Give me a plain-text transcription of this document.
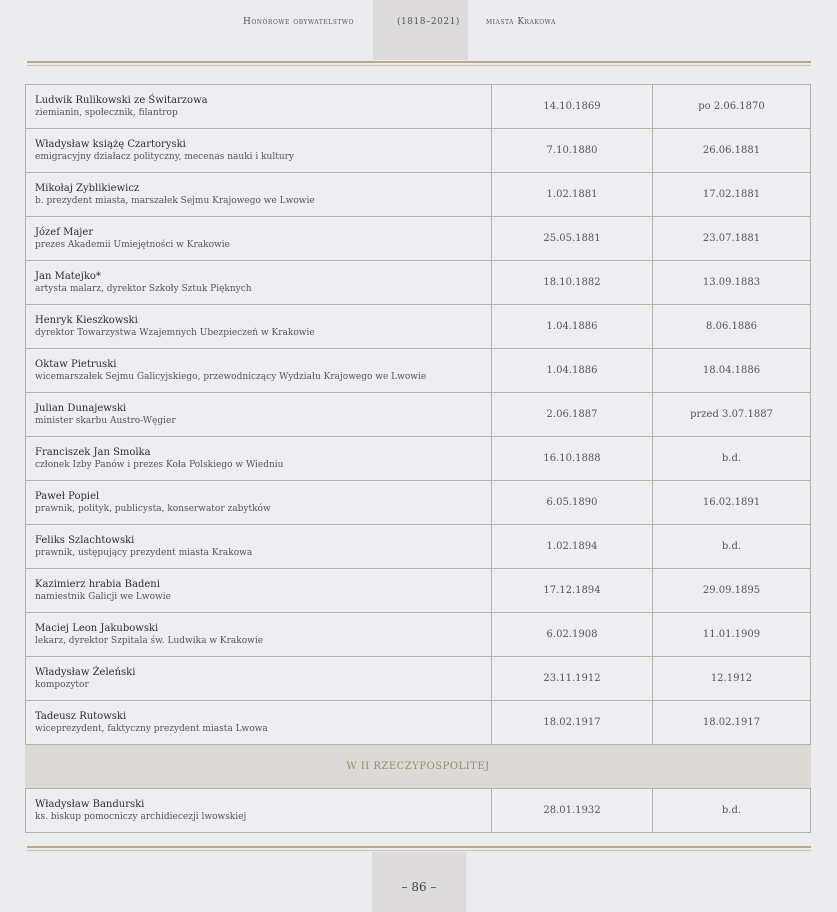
Honorowe obywatelstwo	(1818–2021)	miasta Krakowa
Ludwik Rulikowski ze Świtarzowa
ziemianin, społecznik, filantrop
14.10.1869	po 2.06.1870
Władysław książę Czartoryski
emigracyjny działacz polityczny, mecenas nauki i kultury
7.10.1880	26.06.1881
Mikołaj Zyblikiewicz
b. prezydent miasta, marszałek Sejmu Krajowego we Lwowie
1.02.1881	17.02.1881
Józef Majer
prezes Akademii Umiejętności w Krakowie
25.05.1881	23.07.1881
Jan Matejko*
artysta malarz, dyrektor Szkoły Sztuk Pięknych
18.10.1882	13.09.1883
Henryk Kieszkowski
dyrektor Towarzystwa Wzajemnych Ubezpieczeń w Krakowie
1.04.1886	8.06.1886
Oktaw Pietruski
wicemarszałek Sejmu Galicyjskiego, przewodniczący Wydziału Krajowego we Lwowie
1.04.1886	18.04.1886
Julian Dunajewski
minister skarbu Austro-Węgier
2.06.1887	przed 3.07.1887
Franciszek Jan Smolka
członek Izby Panów i prezes Koła Polskiego w Wiedniu
16.10.1888	b.d.
Paweł Popiel
prawnik, polityk, publicysta, konserwator zabytków
6.05.1890	16.02.1891
Feliks Szlachtowski
prawnik, ustępujący prezydent miasta Krakowa
1.02.1894	b.d.
Kazimierz hrabia Badeni
namiestnik Galicji we Lwowie
17.12.1894	29.09.1895
Maciej Leon Jakubowski
lekarz, dyrektor Szpitala św. Ludwika w Krakowie
6.02.1908	11.01.1909
Władysław Żeleński
kompozytor
23.11.1912	12.1912
Tadeusz Rutowski
wiceprezydent, faktyczny prezydent miasta Lwowa
18.02.1917	18.02.1917
W II RZECZYPOSPOLITEJ
Władysław Bandurski
ks. biskup pomocniczy archidiecezji lwowskiej
28.01.1932	b.d.
– 86 –
